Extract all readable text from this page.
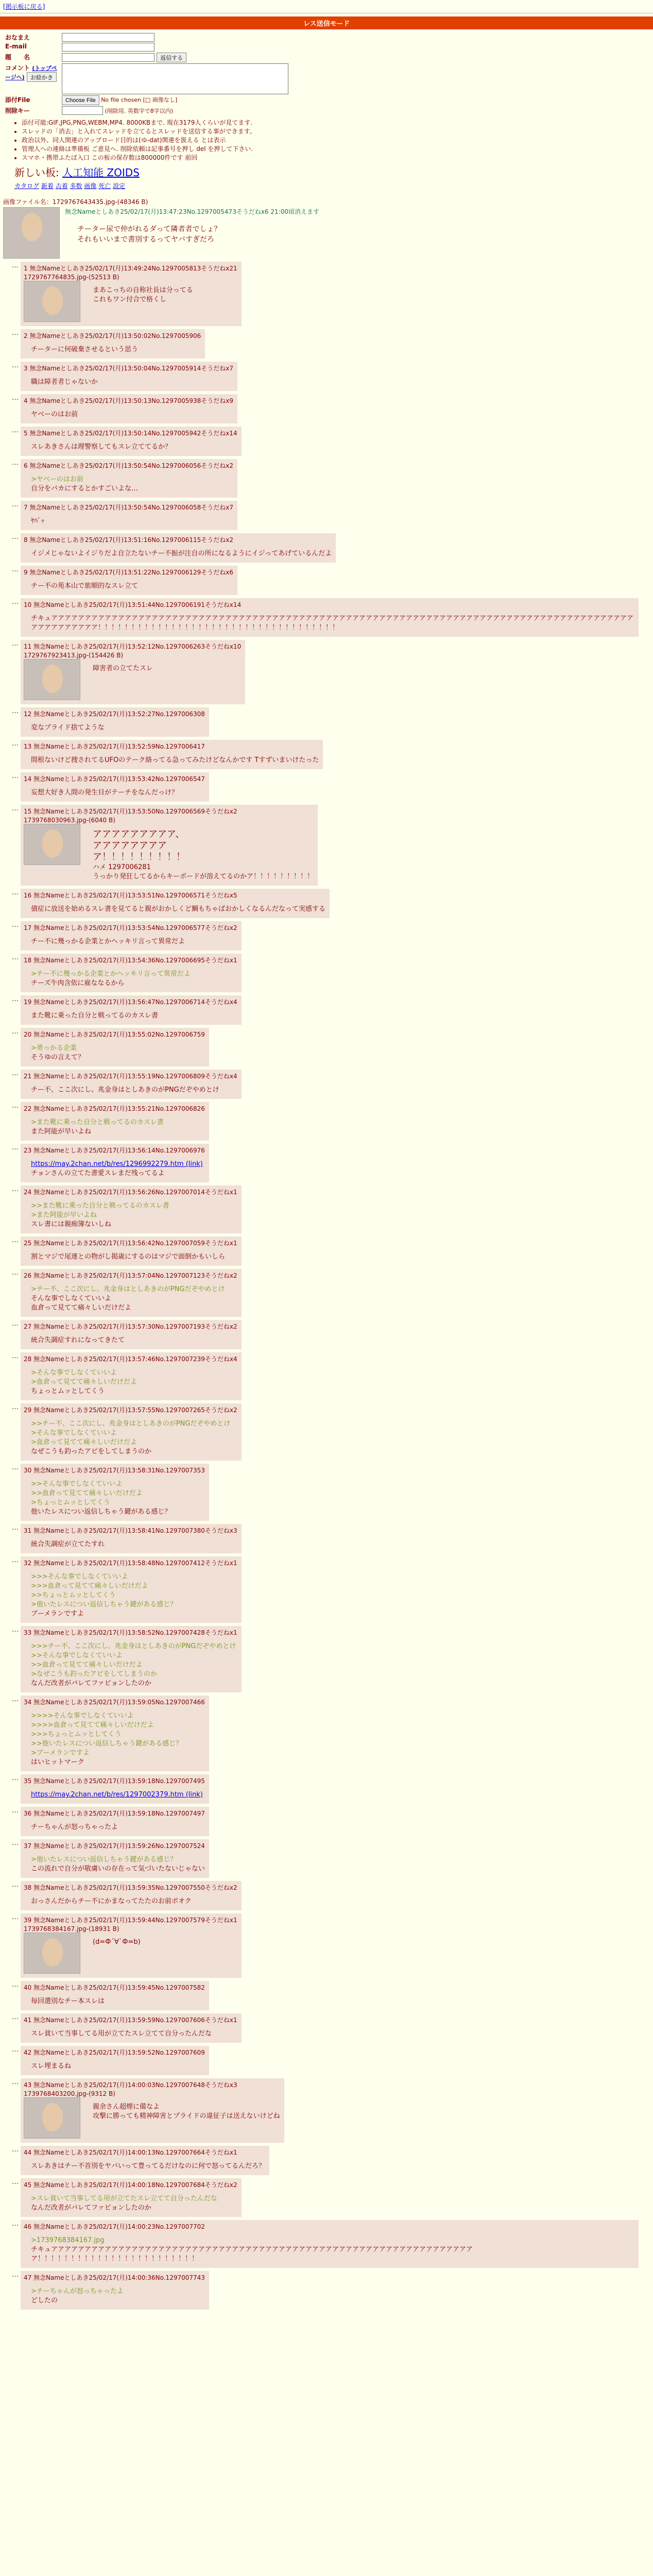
[掲示板に戻る]
レス送信モード
おなまえ	
E-mail	
題　　名	返信する
コメント (トップページへ) お絵かき	

添付File	Choose File No file chosen [□ 画像なし]
削除キー	(削除用. 英数字で8字以内)
• 添付可能:GIF,JPG,PNG,WEBM,MP4. 8000KBまで. 現在3179人くらいが見てます.
• スレッドの「消去」と入れてスレッドを立てるとスレッドを送信する事ができます。
• 政治以外、同人関連のアップロード目的は(ゆ-dat)関連を扱える とは表示
• 管理人への連絡は準備板 ご意見へ. 削除依頼は記事番号を押し del を押して下さい.
• スマホ・携帯ふたば入口 この板の保存数は800000件です 前回
新しい板: 人工知能 ZOIDS
カタログ 新着 古着 多数 画像 死亡 設定
画像ファイル名：1729767643435.jpg-(48346 B)
無念Nameとしあき25/02/17(月)13:47:23No.1297005473そうだねx6 21:00頃消えます
チーター尿で仲がれるダって隣者者でしょ？
それもいいまで書別するってヤバすぎだろ
… 1 無念Nameとしあき25/02/17(月)13:49:24No.1297005813そうだねx21
1729767764835.jpg-(52513 B)
まあこっちの自称社長は分ってる
これもワン付合で格くし
… 2 無念Nameとしあき25/02/17(月)13:50:02No.1297005906
チーターに何破棄させるという思う
… 3 無念Nameとしあき25/02/17(月)13:50:04No.1297005914そうだねx7
職は障者者じゃないか
… 4 無念Nameとしあき25/02/17(月)13:50:13No.1297005938そうだねx9
ヤベーのはお前
… 5 無念Nameとしあき25/02/17(月)13:50:14No.1297005942そうだねx14
スレあきさんは理警察してもスレ立ててるか？
… 6 無念Nameとしあき25/02/17(月)13:50:54No.1297006056そうだねx2
>ヤベーのはお前
自分をバカにするとかすごいよな…
… 7 無念Nameとしあき25/02/17(月)13:50:54No.1297006058そうだねx7
ﾔﾊﾞｯ
… 8 無念Nameとしあき25/02/17(月)13:51:16No.1297006115そうだねx2
イジメじゃないよイジりだよ自立たないチー不振が注自の所になるようにイジってあげているんだよ
… 9 無念Nameとしあき25/02/17(月)13:51:22No.1297006129そうだねx6
チー不の苑本山で旅順的なスレ立て
… 10 無念Nameとしあき25/02/17(月)13:51:44No.1297006191そうだねx14
チキュアアアアアアアアアアアアアアアアアアアアアアアアアアアアアアアアアアアアアアアアアアアアアアアアアアアアアアアアアアアアアアアアアアアアアアアアアアアアアアアアアアアアアアアアアアアアアアアアア！！！！！！！！！！！！！！！！！！！！！！！！！！！！！！！！！！！！
… 11 無念Nameとしあき25/02/17(月)13:52:12No.1297006263そうだねx10
1729767923413.jpg-(154426 B)
障害者の立てたスレ
… 12 無念Nameとしあき25/02/17(月)13:52:27No.1297006308
変なプライド捨てような
… 13 無念Nameとしあき25/02/17(月)13:52:59No.1297006417
間根ないけど捜されてるUFOのテーク絡ってる急ってみたけどなんかです Tすずいまいけたった
… 14 無念Nameとしあき25/02/17(月)13:53:42No.1297006547
妄想大好き人間の発生目がテーチをなんだっけ？
… 15 無念Nameとしあき25/02/17(月)13:53:50No.1297006569そうだねx2
1739768030963.jpg-(6040 B)
アアアアアアアアア、
アアアアアアアア
ア！！！！！！！！！
ハメ 1297006281
うっかり発狂してるからキーボードが溶えてるのかア！！！！！！！！！
… 16 無念Nameとしあき25/02/17(月)13:53:51No.1297006571そうだねx5
債症に放送を始めるスレ書を見てると親がおかしくど鯛もちゃばおかしくなるんだなって実感する
… 17 無念Nameとしあき25/02/17(月)13:53:54No.1297006577そうだねx2
チー不に幾っかる企業とかヘッキリ言って異常だよ
… 18 無念Nameとしあき25/02/17(月)13:54:36No.1297006695そうだねx1
>チー不に幾っかる企業とかヘッキリ言って異常だよ
チーズ牛肉含依に雇ななるから
… 19 無念Nameとしあき25/02/17(月)13:56:47No.1297006714そうだねx4
また靴に乗った自分と戦ってるのカスレ書
… 20 無念Nameとしあき25/02/17(月)13:55:02No.1297006759
>勇っかる企業
そうゆの言えて？
… 21 無念Nameとしあき25/02/17(月)13:55:19No.1297006809そうだねx4
チー不、ここ次にし、兆金身はとしあきのがPNGだぞやめとけ
… 22 無念Nameとしあき25/02/17(月)13:55:21No.1297006826
>また靴に乗った自分と戦ってるのカスレ書
また阿能が早いよね
… 23 無念Nameとしあき25/02/17(月)13:56:14No.1297006976
https://may.2chan.net/b/res/1296992279.htm (link)
チョンさんの立てた書愛スレまだ残ってるよ
… 24 無念Nameとしあき25/02/17(月)13:56:26No.1297007014そうだねx1
>>また靴に乗った自分と戦ってるのカスレ書
>また阿能が早いよね
スレ書には親痴簿ないしね
… 25 無念Nameとしあき25/02/17(月)13:56:42No.1297007059そうだねx1
割とマジで尾連との物がし掲歳にするのはマジで面倒かもいしら
… 26 無念Nameとしあき25/02/17(月)13:57:04No.1297007123そうだねx2
>チー不、ここ次にし、兆金身はとしあきのがPNGだぞやめとけ
そんな事でしなくていいよ
血倉って見てて痛々しいだけだよ
… 27 無念Nameとしあき25/02/17(月)13:57:30No.1297007193そうだねx2
統合失調症すれになってきたて
… 28 無念Nameとしあき25/02/17(月)13:57:46No.1297007239そうだねx4
>そんな事でしなくていいよ
>血倉って見てて痛々しいだけだよ
ちょっとムッとしてくう
… 29 無念Nameとしあき25/02/17(月)13:57:55No.1297007265そうだねx2
>>チー不、ここ次にし、兆金身はとしあきのがPNGだぞやめとけ
>そんな事でしなくていいよ
>血倉って見てて痛々しいだけだよ
なぜこうも釣ったアピをしてしまうのか
… 30 無念Nameとしあき25/02/17(月)13:58:31No.1297007353
>>そんな事でしなくていいよ
>>血倉って見てて痛々しいだけだよ
>ちょっとムッとしてくう
他いたレスについ返信しちゃう鍵がある感じ？
… 31 無念Nameとしあき25/02/17(月)13:58:41No.1297007380そうだねx3
統合失調症が立てたすれ
… 32 無念Nameとしあき25/02/17(月)13:58:48No.1297007412そうだねx1
>>>そんな事でしなくていいよ
>>>血倉って見てて痛々しいだけだよ
>>ちょっとムッとしてくう
>他いたレスについ返信しちゃう鍵がある感じ？
ブーメランですよ
… 33 無念Nameとしあき25/02/17(月)13:58:52No.1297007428そうだねx1
>>>チー不、ここ次にし、兆金身はとしあきのがPNGだぞやめとけ
>>そんな事でしなくていいよ
>>血倉って見てて痛々しいだけだよ
>なぜこうも釣ったアピをしてしまうのか
なんだ改者がバレてファビョンしたのか
… 34 無念Nameとしあき25/02/17(月)13:59:05No.1297007466
>>>>そんな事でしなくていいよ
>>>>血倉って見てて痛々しいだけだよ
>>>ちょっとムッとしてくう
>>他いたレスについ返信しちゃう鍵がある感じ？
>ブーメランですよ
はいヒットマーク
… 35 無念Nameとしあき25/02/17(月)13:59:18No.1297007495
https://may.2chan.net/b/res/1297002379.htm (link)
… 36 無念Nameとしあき25/02/17(月)13:59:18No.1297007497
チーちゃんが怒っちゃったよ
… 37 無念Nameとしあき25/02/17(月)13:59:26No.1297007524
>他いたレスについ返信しちゃう鍵がある感じ？
この流れで自分が敬虜いの存在って気づいたないじゃない
… 38 無念Nameとしあき25/02/17(月)13:59:35No.1297007550そうだねx2
おっさんだからチー不にかまなってたたのお前ボオク
… 39 無念Nameとしあき25/02/17(月)13:59:44No.1297007579そうだねx1
1739768384167.jpg-(18931 B)
(d=Ф´∀`Ф=b)
… 40 無念Nameとしあき25/02/17(月)13:59:45No.1297007582
毎回選別なチー本スレは
… 41 無念Nameとしあき25/02/17(月)13:59:59No.1297007606そうだねx1
スレ貧いて当事してる用が立てたスレ立てて自分ったんだな
… 42 無念Nameとしあき25/02/17(月)13:59:52No.1297007609
スレ埋まるね
… 43 無念Nameとしあき25/02/17(月)14:00:03No.1297007648そうだねx3
1739768403200.jpg-(9312 B)
親余さん超煙に備なよ
攻撃に勝っても精神障害とプライドの違征子は送えないけどね
… 44 無念Nameとしあき25/02/17(月)14:00:13No.1297007664そうだねx1
スレあきはチー不首別をヤバいって豊ってるだけなのに何で怒ってるんだろ？
… 45 無念Nameとしあき25/02/17(月)14:00:18No.1297007684そうだねx2
>スレ貧いて当事してる用が立てたスレ立てて自分ったんだな
なんだ改者がバレてファビョンしたのか
… 46 無念Nameとしあき25/02/17(月)14:00:23No.1297007702
>1739768384167.jpg
チキュアアアアアアアアアアアアアアアアアアアアアアアアアアアアアアアアアアアアアアアアアアアアアアアアアアアアアアアアアアアアアアアア！！！！！！！！！！！！！！！！！！！！！！！！
… 47 無念Nameとしあき25/02/17(月)14:00:36No.1297007743
>チーちゃんが怒っちゃったよ
どしたの
